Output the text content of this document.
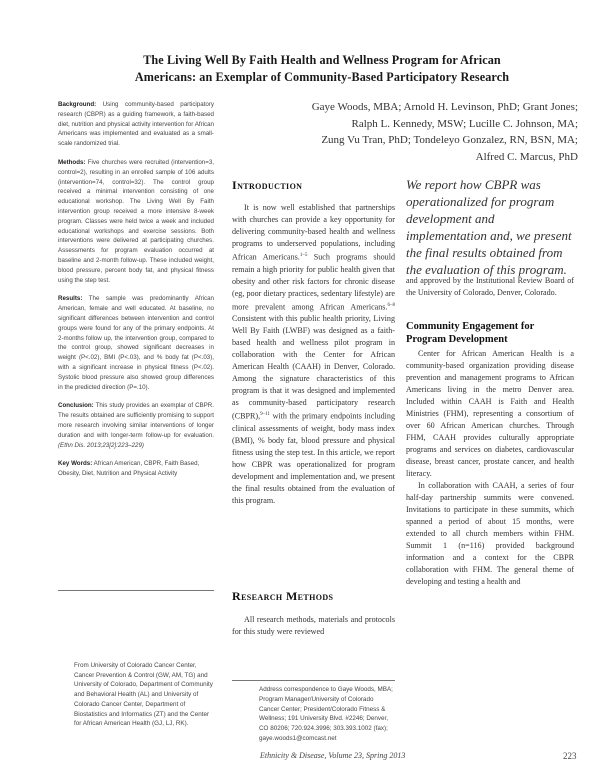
The Living Well By Faith Health and Wellness Program for African
Americans: an Exemplar of Community-Based Participatory Research
Gaye Woods, MBA; Arnold H. Levinson, PhD; Grant Jones;
Ralph L. Kennedy, MSW; Lucille C. Johnson, MA;
Zung Vu Tran, PhD; Tondeleyo Gonzalez, RN, BSN, MA;
Alfred C. Marcus, PhD

Background: Using community-based participatory research (CBPR) as a guiding framework, a faith-based diet, nutrition and physical activity intervention for African Americans was implemented and evaluated as a small-scale randomized trial.

Methods: Five churches were recruited (intervention=3, control=2), resulting in an enrolled sample of 106 adults (intervention=74, control=32). The control group received a minimal intervention consisting of one educational workshop. The Living Well By Faith intervention group received a more intensive 8-week program. Classes were held twice a week and included educational workshops and exercise sessions. Both interventions were delivered at participating churches. Assessments for program evaluation occurred at baseline and 2-month follow-up. These included weight, blood pressure, percent body fat, and physical fitness using the step test.

Results: The sample was predominantly African American, female and well educated. At baseline, no significant differences between intervention and control groups were found for any of the primary endpoints. At 2-months follow up, the intervention group, compared to the control group, showed significant decreases in weight (P<.02), BMI (P<.03), and % body fat (P<.03), with a significant increase in physical fitness (P<.02). Systolic blood pressure also showed group differences in the predicted direction (P=.10).

Conclusion: This study provides an exemplar of CBPR. The results obtained are sufficiently promising to support more research involving similar interventions of longer duration and with longer-term follow-up for evaluation. (Ethn Dis. 2013;23[2]:223–229)

Key Words: African American, CBPR, Faith Based, Obesity, Diet, Nutrition and Physical Activity

From University of Colorado Cancer Center, Cancer Prevention & Control (GW, AM, TG) and University of Colorado, Department of Community and Behavioral Health (AL) and University of Colorado Cancer Center, Department of Biostatistics and Informatics (ZT) and the Center for African American Health (GJ, LJ, RK).
Introduction

It is now well established that partnerships with churches can provide a key opportunity for delivering community-based health and wellness programs to underserved populations, including African Americans.$^{1-5}$ Such programs should remain a high priority for public health given that obesity and other risk factors for chronic disease (eg, poor dietary practices, sedentary lifestyle) are more prevalent among African Americans.$^{6-8}$ Consistent with this public health priority, Living Well By Faith (LWBF) was designed as a faith-based health and wellness pilot program in collaboration with the Center for African American Health (CAAH) in Denver, Colorado. Among the signature characteristics of this program is that it was designed and implemented as community-based participatory research (CBPR),$^{9-11}$ with the primary endpoints including clinical assessments of weight, body mass index (BMI), % body fat, blood pressure and physical fitness using the step test. In this article, we report how CBPR was operationalized for program development and implementation and, we present the final results obtained from the evaluation of this program.

Research Methods
All research methods, materials and protocols for this study were reviewed
Address correspondence to Gaye Woods, MBA; Program Manager/University of Colorado Cancer Center; President/Colorado Fitness & Wellness; 191 University Blvd. #2246; Denver, CO 80206; 720.924.3996; 303.393.1002 (fax); gaye.woods1@comcast.net
We report how CBPR was operationalized for program development and implementation and, we present the final results obtained from the evaluation of this program.
and approved by the Institutional Review Board of the University of Colorado, Denver, Colorado.
Community Engagement for Program Development

Center for African American Health is a community-based organization providing disease prevention and management programs to African Americans living in the metro Denver area. Included within CAAH is Faith and Health Ministries (FHM), representing a consortium of over 60 African American churches. Through FHM, CAAH provides culturally appropriate programs and services on diabetes, cardiovascular disease, breast cancer, prostate cancer, and health literacy.

In collaboration with CAAH, a series of four half-day partnership summits were convened. Invitations to participate in these summits, which spanned a period of about 15 months, were extended to all church members within FHM. Summit 1 (n=116) provided background information and a context for the CBPR collaboration with FHM. The general theme of developing and testing a health and

Ethnicity & Disease, Volume 23, Spring 2013	223
